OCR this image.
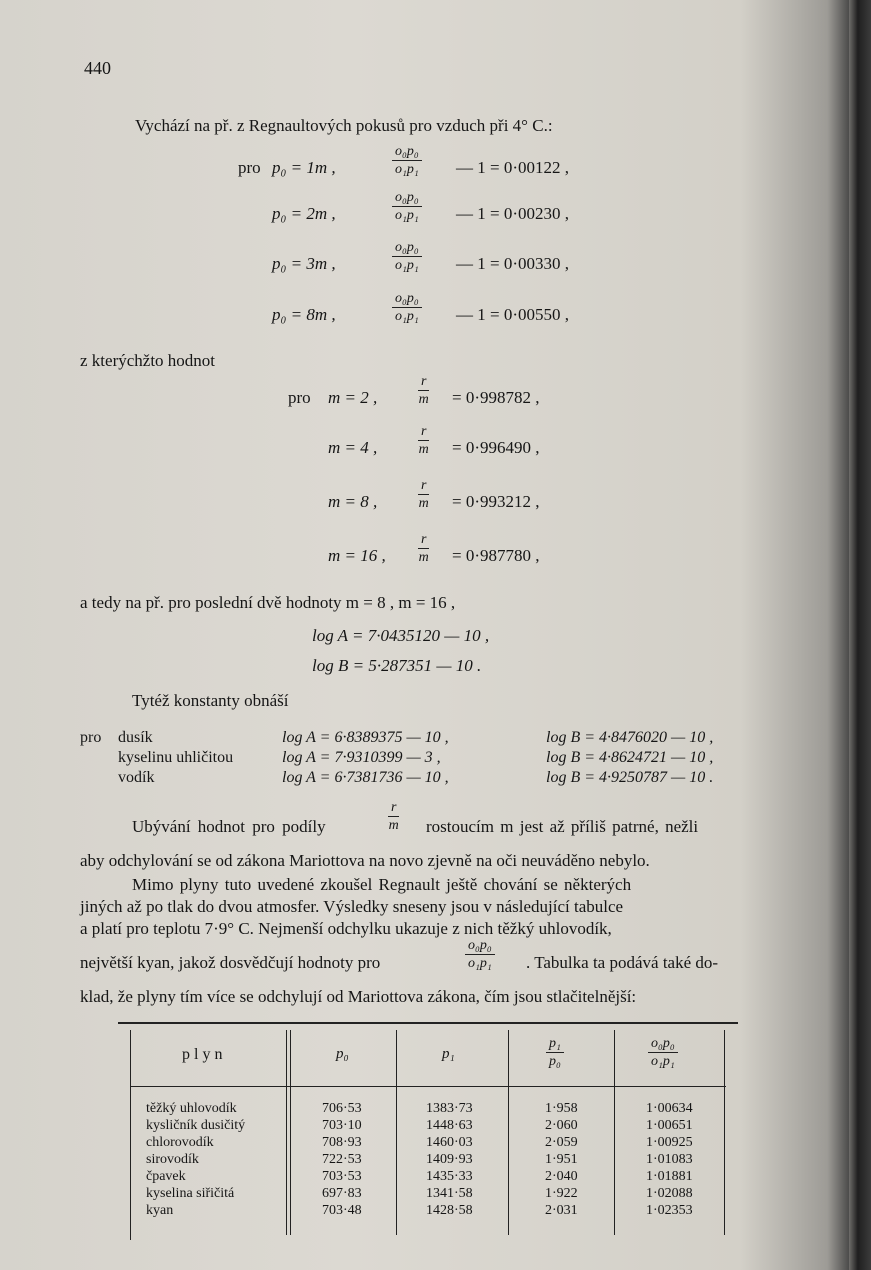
440
Vychází na př. z Regnaultových pokusů pro vzduch při 4° C.:
pro p₀ = 1m ,	$\frac{\text{o₀p₀}}{\text{o₁p₁}}$ — 1 = 0·00122 ,
p₀ = 2m ,	$\frac{\text{o₀p₀}}{\text{o₁p₁}}$ — 1 = 0·00230 ,
p₀ = 3m ,	$\frac{\text{o₀p₀}}{\text{o₁p₁}}$ — 1 = 0·00330 ,
p₀ = 8m ,	$\frac{\text{o₀p₀}}{\text{o₁p₁}}$ — 1 = 0·00550 ,
z kterýchžto hodnot
pro m = 2 ,	$\frac{r}{m} = 0\cdot 998782$ ,
m = 4 ,	$\frac{r}{m} = 0\cdot 996490$ ,
m = 8 ,	$\frac{r}{m} = 0\cdot 993212$ ,
m = 16 , $\frac{r}{m} = 0\cdot 987780$ ,
a tedy na př. pro poslední dvě hodnoty m = 8 , m = 16 ,
log A = 7·0435120 — 10 ,
log B = 5·287351 — 10 .
Tytéž konstanty obnáší
pro dusík	log A = 6·8389375 — 10 ,	log B = 4·8476020 — 10 ,
kyselinu uhličitou	log A = 7·9310399 — 3 ,	log B = 4·8624721 — 10 ,
vodík	log A = 6·7381736 — 10 ,	log B = 4·9250787 — 10 .
Ubývání hodnot pro podíly	$\frac{r}{m}$ rostoucím m jest až příliš patrné, nežli
aby odchylování se od zákona Mariottova na novo zjevně na oči neuváděno nebylo.
Mimo plyny tuto uvedené zkoušel Regnault ještě chování se některých
jiných až po tlak do dvou atmosfer. Výsledky sneseny jsou v následující tabulce
a platí pro teplotu 7·9° C. Nejmenší odchylku ukazuje z nich těžký uhlovodík,
největší kyan, jakož dosvědčují hodnoty pro	$\frac{\text{o₀p₀}}{\text{o₁p₁}}$ . Tabulka ta podává také do-
klad, že plyny tím více se odchylují od Mariottova zákona, čím jsou stlačitelnější:
plyn	p₀	p₁	$\frac{\text{p₁}}{\text{p₀}}$	$\frac{\text{o₀p₀}}{\text{o₁p₁}}$
těžký uhlovodík	706·53	1383·73	1·958	1·00634
kysličník dusičitý	703·10	1448·63	2·060	1·00651
chlorovodík	708·93	1460·03	2·059	1·00925
sirovodík	722·53	1409·93	1·951	1·01083
čpavek	703·53	1435·33	2·040	1·01881
kyselina siřičitá	697·83	1341·58	1·922	1·02088
kyan	703·48	1428·58	2·031	1·02353
